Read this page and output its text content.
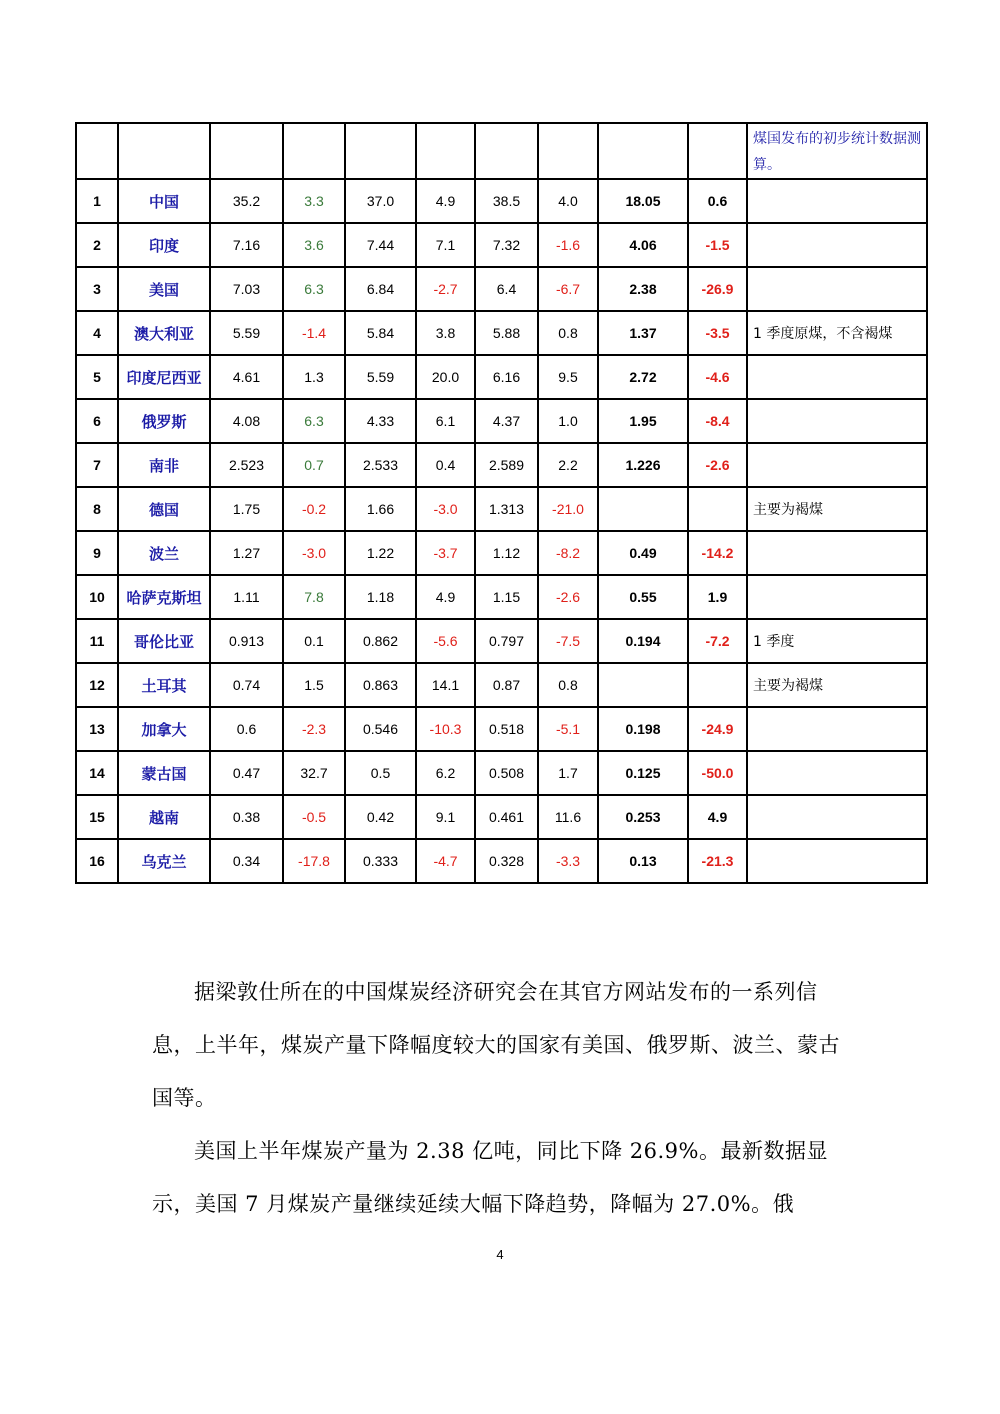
										煤国发布的初步统计数据测算。
1	中国	35.2	3.3	37.0	4.9	38.5	4.0	18.05	0.6	
2	印度	7.16	3.6	7.44	7.1	7.32	-1.6	4.06	-1.5	
3	美国	7.03	6.3	6.84	-2.7	6.4	-6.7	2.38	-26.9	
4	澳大利亚	5.59	-1.4	5.84	3.8	5.88	0.8	1.37	-3.5	1 季度原煤，不含褐煤
5	印度尼西亚	4.61	1.3	5.59	20.0	6.16	9.5	2.72	-4.6	
6	俄罗斯	4.08	6.3	4.33	6.1	4.37	1.0	1.95	-8.4	
7	南非	2.523	0.7	2.533	0.4	2.589	2.2	1.226	-2.6	
8	德国	1.75	-0.2	1.66	-3.0	1.313	-21.0			主要为褐煤
9	波兰	1.27	-3.0	1.22	-3.7	1.12	-8.2	0.49	-14.2	
10	哈萨克斯坦	1.11	7.8	1.18	4.9	1.15	-2.6	0.55	1.9	
11	哥伦比亚	0.913	0.1	0.862	-5.6	0.797	-7.5	0.194	-7.2	1 季度
12	土耳其	0.74	1.5	0.863	14.1	0.87	0.8			主要为褐煤
13	加拿大	0.6	-2.3	0.546	-10.3	0.518	-5.1	0.198	-24.9	
14	蒙古国	0.47	32.7	0.5	6.2	0.508	1.7	0.125	-50.0	
15	越南	0.38	-0.5	0.42	9.1	0.461	11.6	0.253	4.9	
16	乌克兰	0.34	-17.8	0.333	-4.7	0.328	-3.3	0.13	-21.3	

据梁敦仕所在的中国煤炭经济研究会在其官方网站发布的一系列信息，上半年，煤炭产量下降幅度较大的国家有美国、俄罗斯、波兰、蒙古国等。

美国上半年煤炭产量为 2.38 亿吨，同比下降 26.9%。最新数据显示，美国 7 月煤炭产量继续延续大幅下降趋势，降幅为 27.0%。俄

4
